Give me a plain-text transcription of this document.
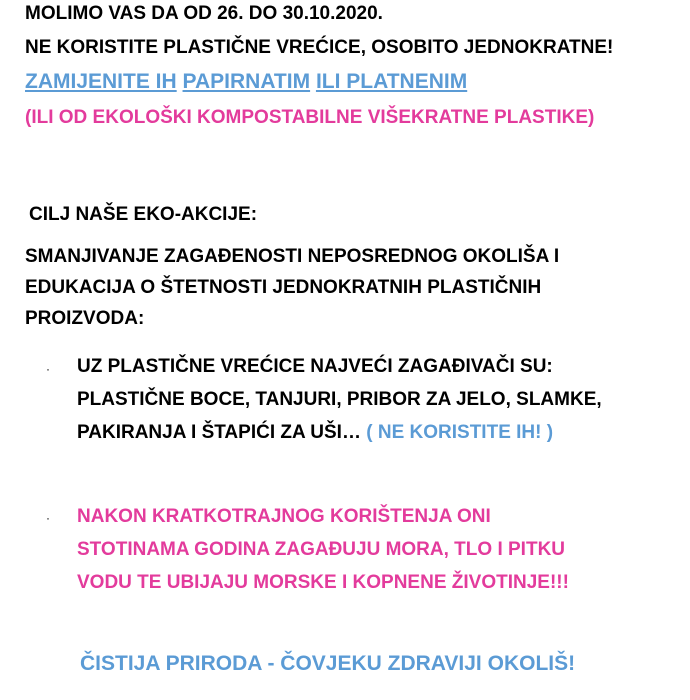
MOLIMO VAS DA OD 26. DO 30.10.2020.
NE KORISTITE PLASTIČNE VREĆICE, OSOBITO JEDNOKRATNE!
ZAMIJENITE IH PAPIRNATIM ILI PLATNENIM
(ILI OD EKOLOŠKI KOMPOSTABILNE VIŠEKRATNE PLASTIKE)
CILJ NAŠE EKO-AKCIJE:
SMANJIVANJE ZAGAĐENOSTI NEPOSREDNOG OKOLIŠA I
EDUKACIJA O ŠTETNOSTI JEDNOKRATNIH PLASTIČNIH
PROIZVODA:
· UZ PLASTIČNE VREĆICE NAJVEĆI ZAGAĐIVAČI SU:
PLASTIČNE BOCE, TANJURI, PRIBOR ZA JELO, SLAMKE,
PAKIRANJA I ŠTAPIĆI ZA UŠI… ( NE KORISTITE IH! )
· NAKON KRATKOTRAJNOG KORIŠTENJA ONI
STOTINAMA GODINA ZAGAĐUJU MORA, TLO I PITKU
VODU TE UBIJAJU MORSKE I KOPNENE ŽIVOTINJE!!!
ČISTIJA PRIRODA - ČOVJEKU ZDRAVIJI OKOLIŠ!
